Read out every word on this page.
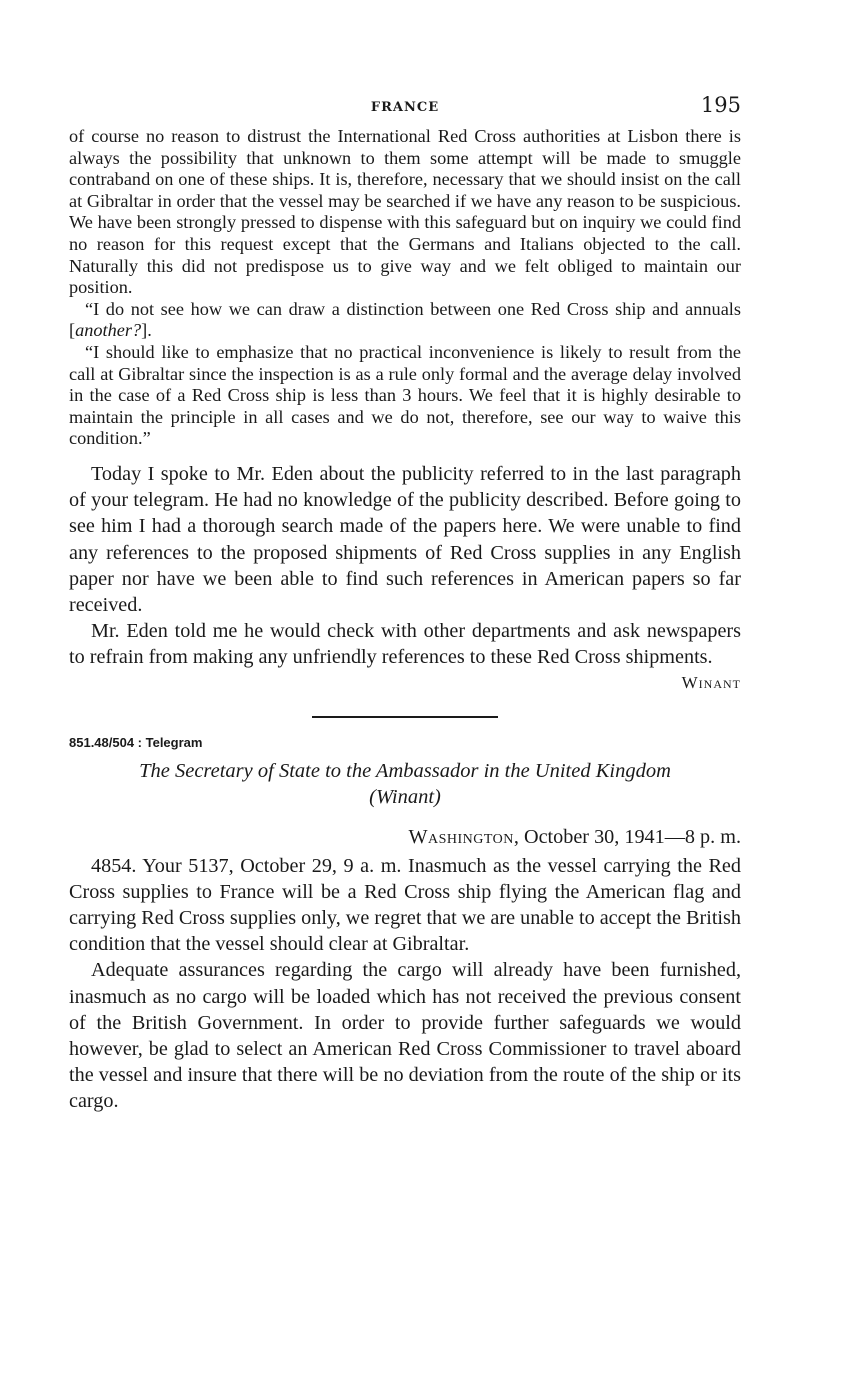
FRANCE	195

of course no reason to distrust the International Red Cross authorities at Lisbon there is always the possibility that unknown to them some attempt will be made to smuggle contraband on one of these ships. It is, therefore, necessary that we should insist on the call at Gibraltar in order that the vessel may be searched if we have any reason to be suspicious. We have been strongly pressed to dispense with this safeguard but on inquiry we could find no reason for this request except that the Germans and Italians objected to the call. Naturally this did not predispose us to give way and we felt obliged to maintain our position.

“I do not see how we can draw a distinction between one Red Cross ship and annuals [another?].

“I should like to emphasize that no practical inconvenience is likely to result from the call at Gibraltar since the inspection is as a rule only formal and the average delay involved in the case of a Red Cross ship is less than 3 hours. We feel that it is highly desirable to maintain the principle in all cases and we do not, therefore, see our way to waive this condition.”

Today I spoke to Mr. Eden about the publicity referred to in the last paragraph of your telegram. He had no knowledge of the publicity described. Before going to see him I had a thorough search made of the papers here. We were unable to find any references to the proposed shipments of Red Cross supplies in any English paper nor have we been able to find such references in American papers so far received.

Mr. Eden told me he would check with other departments and ask newspapers to refrain from making any unfriendly references to these Red Cross shipments.

Winant
851.48/504 : Telegram
The Secretary of State to the Ambassador in the United Kingdom
(Winant)
Washington, October 30, 1941—8 p. m.

4854. Your 5137, October 29, 9 a. m. Inasmuch as the vessel carrying the Red Cross supplies to France will be a Red Cross ship flying the American flag and carrying Red Cross supplies only, we regret that we are unable to accept the British condition that the vessel should clear at Gibraltar.

Adequate assurances regarding the cargo will already have been furnished, inasmuch as no cargo will be loaded which has not received the previous consent of the British Government. In order to provide further safeguards we would however, be glad to select an American Red Cross Commissioner to travel aboard the vessel and insure that there will be no deviation from the route of the ship or its cargo.
